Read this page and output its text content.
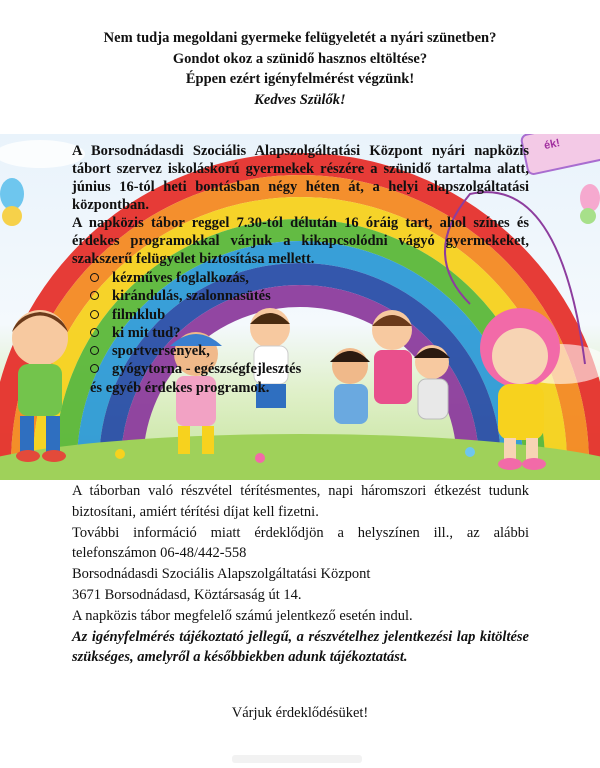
Nem tudja megoldani gyermeke felügyeletét a nyári szünetben?

Gondot okoz a szünidő hasznos eltöltése?

Éppen ezért igényfelmérést végzünk!

Kedves Szülők!

ék!

A Borsodnádasdi Szociális Alapszolgáltatási Központ nyári napközis tábort szervez iskoláskorú gyermekek részére a szünidő tartalma alatt, június 16-tól heti bontásban négy héten át, a helyi alapszolgáltatási központban.

A napközis tábor reggel 7.30-tól délután 16 óráig tart, ahol színes és érdekes programokkal várjuk a kikapcsolódni vágyó gyermekeket, szakszerű felügyelet biztosítása mellett.

kézműves foglalkozás,
kirándulás, szalonnasütés
filmklub
ki mit tud?
sportversenyek,
gyógytorna - egészségfejlesztés

és egyéb érdekes programok.

A táborban való részvétel térítésmentes, napi háromszori étkezést tudunk biztosítani, amiért térítési díjat kell fizetni.

További információ miatt érdeklődjön a helyszínen ill., az alábbi telefonszámon 06-48/442-558

Borsodnádasdi Szociális Alapszolgáltatási Központ

3671 Borsodnádasd, Köztársaság út 14.

A napközis tábor megfelelő számú jelentkező esetén indul.

Az igényfelmérés tájékoztató jellegű, a részvételhez jelentkezési lap kitöltése szükséges, amelyről a későbbiekben adunk tájékoztatást.

Várjuk érdeklődésüket!
